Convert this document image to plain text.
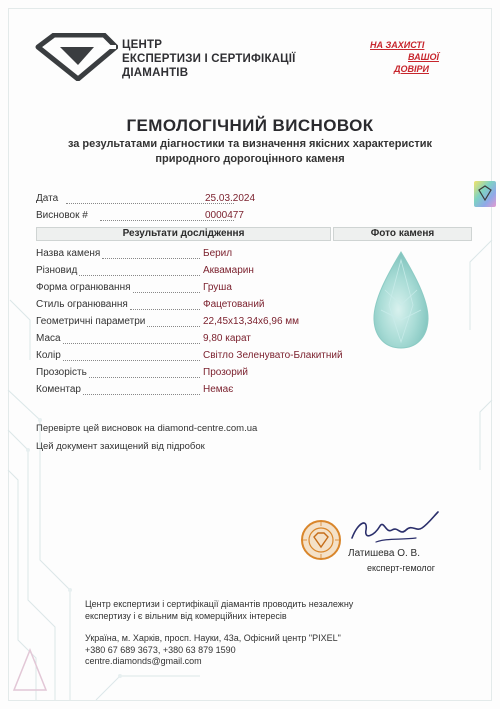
ЦЕНТР
ЕКСПЕРТИЗИ І СЕРТИФІКАЦІЇ
ДІАМАНТІВ
НА ЗАХИСТІ
ВАШОЇ
ДОВІРИ
ГЕМОЛОГІЧНИЙ ВИСНОВОК
за результатами діагностики та визначення якісних характеристик
природного дорогоцінного каменя
Дата	25.03.2024
Висновок #	0000477
Результати дослідження	Фото каменя
Назва каменя	Берил
Різновид	Аквамарин
Форма огранювання	Груша
Стиль огранювання	Фацетований
Геометричні параметри	22,45x13,34x6,96 мм
Маса	9,80 карат
Колір	Світло Зеленувато-Блакитний
Прозорість	Прозорий
Коментар	Немає
Перевірте цей висновок на diamond-centre.com.ua
Цей документ захищений від підробок
Латишева О. В.
експерт-гемолог
Центр експертизи і сертифікації діамантів проводить незалежну
експертизу і є вільним від комерційних інтересів
Україна, м. Харків, просп. Науки, 43а, Офісний центр "PIXEL"
+380 67 689 3673, +380 63 879 1590
centre.diamonds@gmail.com
